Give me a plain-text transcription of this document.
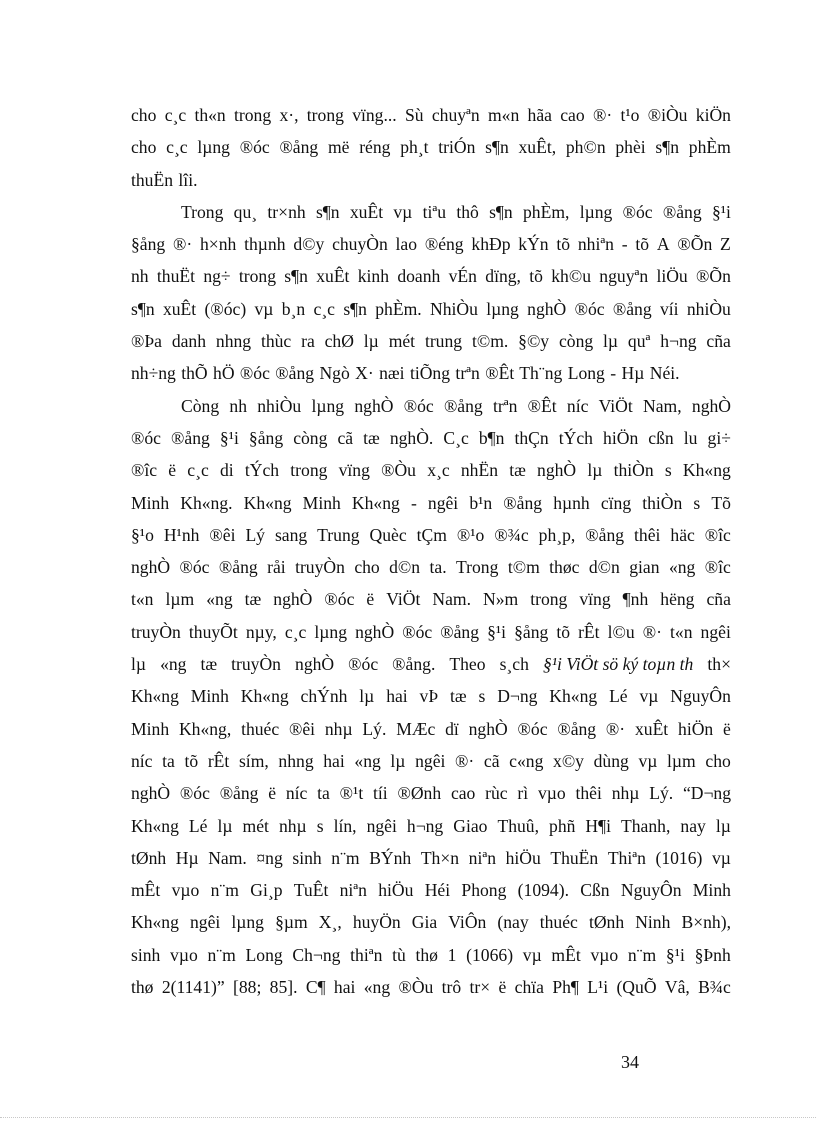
cho c¸c th«n trong x·, trong vïng... Sù chuyªn m«n hãa cao ®· t¹o ®iÒu kiÖn
cho c¸c lµng ®óc ®ång më réng ph¸t triÓn s¶n xuÊt, ph©n phèi s¶n phÈm
thuËn lîi.
Trong qu¸ tr×nh s¶n xuÊt vµ tiªu thô s¶n phÈm, lµng ®óc ®ång §¹i
§ång ®· h×nh thµnh d©y chuyÒn lao ®éng khÐp kÝn tõ nhiªn - tõ A ®Õn Z
nh thuËt ng÷ trong s¶n xuÊt kinh doanh vÉn dïng, tõ kh©u nguyªn liÖu ®Õn
s¶n xuÊt (®óc) vµ b¸n c¸c s¶n phÈm. NhiÒu lµng nghÒ ®óc ®ång víi nhiÒu
®Þa danh nhng thùc ra chØ lµ mét trung t©m. §©y còng lµ quª h¬ng cña
nh÷ng thÕ hÖ ®óc ®ång Ngò X· næi tiÕng trªn ®Êt Th¨ng Long - Hµ Néi.
Còng nh nhiÒu lµng nghÒ ®óc ®ång trªn ®Êt níc ViÖt Nam, nghÒ
®óc ®ång §¹i §ång còng cã tæ nghÒ. C¸c b¶n thÇn tÝch hiÖn cßn lu gi÷
®îc ë c¸c di tÝch trong vïng ®Òu x¸c nhËn tæ nghÒ lµ thiÒn s Kh«ng
Minh Kh«ng. Kh«ng Minh Kh«ng - ngêi b¹n ®ång hµnh cïng thiÒn s Tõ
§¹o H¹nh ®êi Lý sang Trung Quèc tÇm ®¹o ®¾c ph¸p, ®ång thêi häc ®îc
nghÒ ®óc ®ång råi truyÒn cho d©n ta. Trong t©m thøc d©n gian «ng ®îc
t«n lµm «ng tæ nghÒ ®óc ë ViÖt Nam. N»m trong vïng ¶nh hëng cña
truyÒn thuyÕt nµy, c¸c lµng nghÒ ®óc ®ång §¹i §ång tõ rÊt l©u ®· t«n ngêi
lµ «ng tæ truyÒn nghÒ ®óc ®ång. Theo s¸ch §¹i ViÖt sö ký toµn th th×
Kh«ng Minh Kh«ng chÝnh lµ hai vÞ tæ s D¬ng Kh«ng Lé vµ NguyÔn
Minh Kh«ng, thuéc ®êi nhµ Lý. MÆc dï nghÒ ®óc ®ång ®· xuÊt hiÖn ë
níc ta tõ rÊt sím, nhng hai «ng lµ ngêi ®· cã c«ng x©y dùng vµ lµm cho
nghÒ ®óc ®ång ë níc ta ®¹t tíi ®Ønh cao rùc rì vµo thêi nhµ Lý. “D¬ng
Kh«ng Lé lµ mét nhµ s lín, ngêi h¬ng Giao Thuû, phñ H¶i Thanh, nay lµ
tØnh Hµ Nam. ¤ng sinh n¨m BÝnh Th×n niªn hiÖu ThuËn Thiªn (1016) vµ
mÊt vµo n¨m Gi¸p TuÊt niªn hiÖu Héi Phong (1094). Cßn NguyÔn Minh
Kh«ng ngêi lµng §µm X¸, huyÖn Gia ViÔn (nay thuéc tØnh Ninh B×nh),
sinh vµo n¨m Long Ch¬ng thiªn tù thø 1 (1066) vµ mÊt vµo n¨m §¹i §Þnh
thø 2(1141)” [88; 85]. C¶ hai «ng ®Òu trô tr× ë chïa Ph¶ L¹i (QuÕ Vâ, B¾c
34
